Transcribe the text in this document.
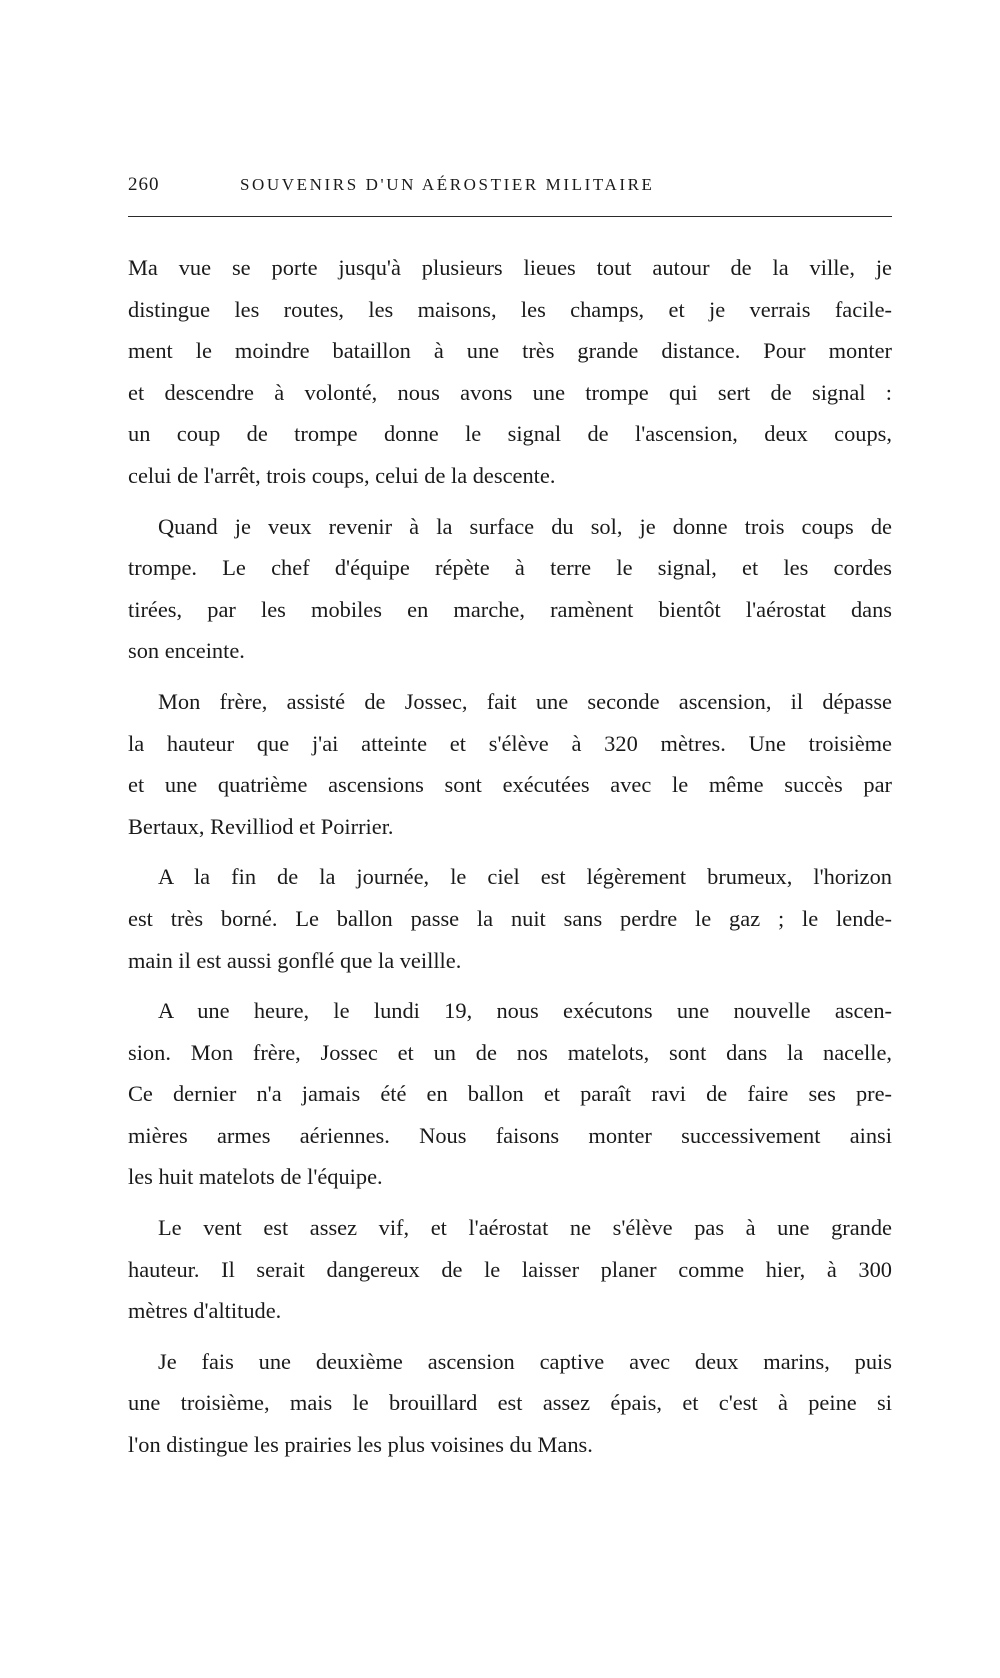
260	SOUVENIRS D'UN AÉROSTIER MILITAIRE

Ma vue se porte jusqu'à plusieurs lieues tout autour de la ville, je
distingue les routes, les maisons, les champs, et je verrais facile-
ment le moindre bataillon à une très grande distance. Pour monter
et descendre à volonté, nous avons une trompe qui sert de signal :
un coup de trompe donne le signal de l'ascension, deux coups,
celui de l'arrêt, trois coups, celui de la descente.

Quand je veux revenir à la surface du sol, je donne trois coups de
trompe. Le chef d'équipe répète à terre le signal, et les cordes
tirées, par les mobiles en marche, ramènent bientôt l'aérostat dans
son enceinte.

Mon frère, assisté de Jossec, fait une seconde ascension, il dépasse
la hauteur que j'ai atteinte et s'élève à 320 mètres. Une troisième
et une quatrième ascensions sont exécutées avec le même succès par
Bertaux, Revilliod et Poirrier.

A la fin de la journée, le ciel est légèrement brumeux, l'horizon
est très borné. Le ballon passe la nuit sans perdre le gaz ; le lende-
main il est aussi gonflé que la veillle.

A une heure, le lundi 19, nous exécutons une nouvelle ascen-
sion. Mon frère, Jossec et un de nos matelots, sont dans la nacelle,
Ce dernier n'a jamais été en ballon et paraît ravi de faire ses pre-
mières armes aériennes. Nous faisons monter successivement ainsi
les huit matelots de l'équipe.

Le vent est assez vif, et l'aérostat ne s'élève pas à une grande
hauteur. Il serait dangereux de le laisser planer comme hier, à 300
mètres d'altitude.

Je fais une deuxième ascension captive avec deux marins, puis
une troisième, mais le brouillard est assez épais, et c'est à peine si
l'on distingue les prairies les plus voisines du Mans.
